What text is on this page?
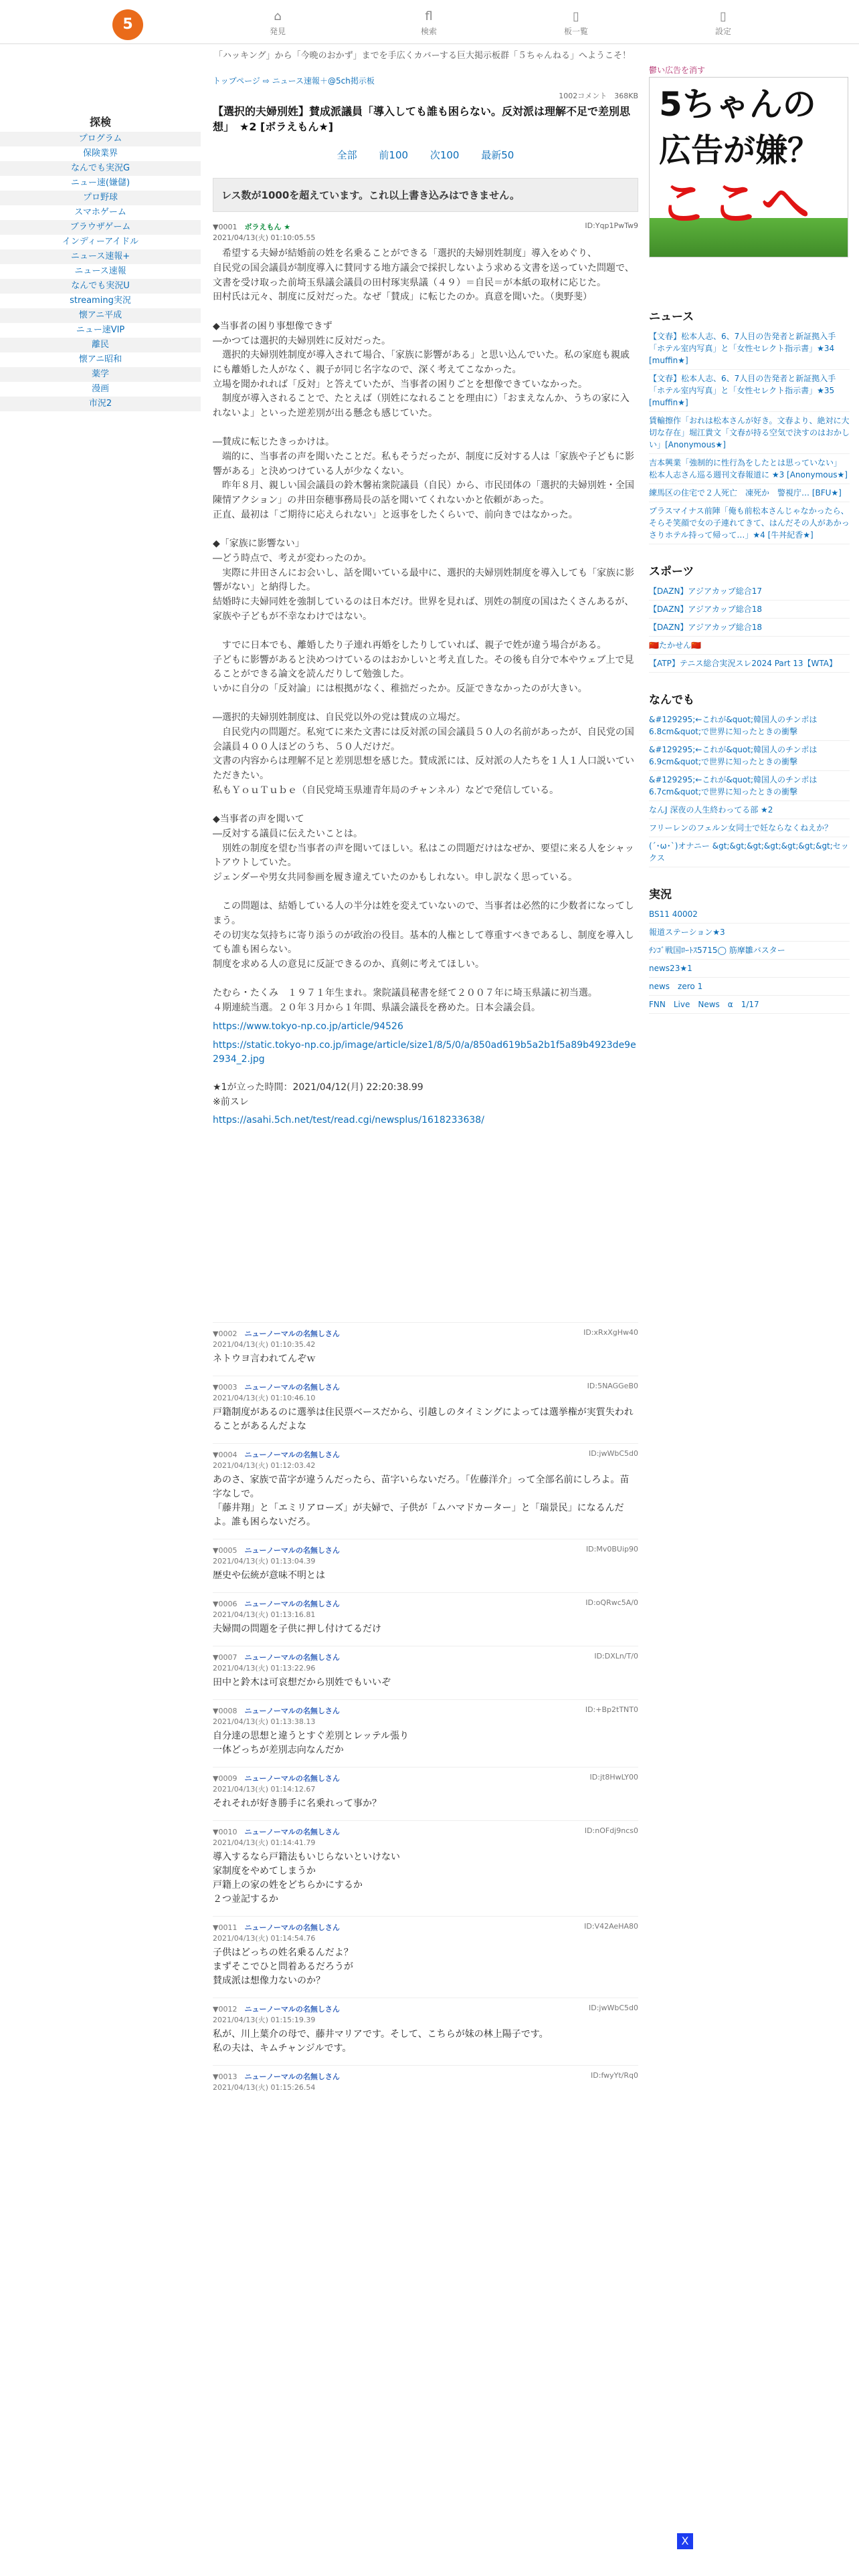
5	⌂
発見
fl
検索
▯
板一覧
▯
設定
「ハッキング」から「今晩のおかず」までを手広くカバーする巨大掲示板群「５ちゃんねる」へようこそ！
探検
プログラム
保険業界
なんでも実況G
ニュー速(嫌儲)
プロ野球
スマホゲーム
ブラウザゲーム
インディーアイドル
ニュース速報+
ニュース速報
なんでも実況U
streaming実況
懐アニ平成
ニュー速VIP
離民
懐アニ昭和
薬学
漫画
市況2
トップページ ⇨ ニュース速報＋@5ch掲示板
1002コメント　368KB
【選択的夫婦別姓】賛成派議員「導入しても誰も困らない。反対派は理解不足で差別思想」　★2 [ボラえもん★]
全部 前100 次100 最新50
レス数が1000を超えています。これ以上書き込みはできません。
▼0001　 ボラえもん ★
2021/04/13(火) 01:10:05.55
ID:Yqp1PwTw9
　希望する夫婦が結婚前の姓を名乗ることができる「選択的夫婦別姓制度」導入をめぐり、
自民党の国会議員が制度導入に賛同する地方議会で採択しないよう求める文書を送っていた問題で、
文書を受け取った前埼玉県議会議員の田村琢実県議（４９）＝自民＝が本紙の取材に応じた。
田村氏は元々、制度に反対だった。なぜ「賛成」に転じたのか。真意を聞いた。（奥野斐）

◆当事者の困り事想像できず
―かつては選択的夫婦別姓に反対だった。
　選択的夫婦別姓制度が導入されて場合、「家族に影響がある」と思い込んでいた。私の家庭も親戚にも離婚した人がなく、親子が同じ名字なので、深く考えてこなかった。
立場を聞かれれば「反対」と答えていたが、当事者の困りごとを想像できていなかった。
　制度が導入されることで、たとえば（別姓になれることを理由に）「おまえなんか、うちの家に入れないよ」といった逆差別が出る懸念も感じていた。

―賛成に転じたきっかけは。
　端的に、当事者の声を聞いたことだ。私もそうだったが、制度に反対する人は「家族や子どもに影響がある」と決めつけている人が少なくない。
　昨年８月、親しい国会議員の鈴木馨祐衆院議員（自民）から、市民団体の「選択的夫婦別姓・全国陳情アクション」の井田奈穂事務局長の話を聞いてくれないかと依頼があった。
正直、最初は「ご期待に応えられない」と返事をしたくらいで、前向きではなかった。

◆「家族に影響ない」
―どう時点で、考えが変わったのか。
　実際に井田さんにお会いし、話を聞いている最中に、選択的夫婦別姓制度を導入しても「家族に影響がない」と納得した。
結婚時に夫婦同姓を強制しているのは日本だけ。世界を見れば、別姓の制度の国はたくさんあるが、家族や子どもが不幸なわけではない。

　すでに日本でも、離婚したり子連れ再婚をしたりしていれば、親子で姓が違う場合がある。
子どもに影響があると決めつけているのはおかしいと考え直した。その後も自分で本やウェブ上で見ることができる論文を読んだりして勉強した。
いかに自分の「反対論」には根拠がなく、稚拙だったか。反証できなかったのが大きい。

―選択的夫婦別姓制度は、自民党以外の党は賛成の立場だ。
　自民党内の問題だ。私宛てに来た文書には反対派の国会議員５０人の名前があったが、自民党の国会議員４００人ほどのうち、５０人だけだ。
文書の内容からは理解不足と差別思想を感じた。賛成派には、反対派の人たちを１人１人口説いていただきたい。
私もＹｏｕＴｕｂｅ（自民党埼玉県連青年局のチャンネル）などで発信している。

◆当事者の声を聞いて
―反対する議員に伝えたいことは。
　別姓の制度を望む当事者の声を聞いてほしい。私はこの問題だけはなぜか、要望に来る人をシャットアウトしていた。
ジェンダーや男女共同参画を履き違えていたのかもしれない。申し訳なく思っている。

　この問題は、結婚している人の半分は姓を変えていないので、当事者は必然的に少数者になってしまう。
その切実な気持ちに寄り添うのが政治の役目。基本的人権として尊重すべきであるし、制度を導入しても誰も困らない。
制度を求める人の意見に反証できるのか、真剣に考えてほしい。

たむら・たくみ　１９７１年生まれ。衆院議員秘書を経て２００７年に埼玉県議に初当選。
４期連続当選。２０年３月から１年間、県議会議長を務めた。日本会議会員。
https://www.tokyo-np.co.jp/article/94526
https://static.tokyo-np.co.jp/image/article/size1/8/5/0/a/850ad619b5a2b1f5a89b4923de9e2934_2.jpg
★1が立った時間：2021/04/12(月) 22:20:38.99
※前スレ
https://asahi.5ch.net/test/read.cgi/newsplus/1618233638/
▼0002　 ニューノーマルの名無しさん
2021/04/13(火) 01:10:35.42
ID:xRxXgHw40
ネトウヨ言われてんぞｗ
▼0003　 ニューノーマルの名無しさん
2021/04/13(火) 01:10:46.10
ID:5NAGGeB0
戸籍制度があるのに選挙は住民票ベースだから、引越しのタイミングによっては選挙権が実質失われることがあるんだよな
▼0004　 ニューノーマルの名無しさん
2021/04/13(火) 01:12:03.42
ID:jwWbC5d0
あのさ、家族で苗字が違うんだったら、苗字いらないだろ。「佐藤洋介」って全部名前にしろよ。苗字なしで。
「藤井翔」と「エミリアローズ」が夫婦で、子供が「ムハマドカーター」と「瑞景民」になるんだよ。誰も困らないだろ。
▼0005　 ニューノーマルの名無しさん
2021/04/13(火) 01:13:04.39
ID:Mv0BUip90
歴史や伝統が意味不明とは
▼0006　 ニューノーマルの名無しさん
2021/04/13(火) 01:13:16.81
ID:oQRwc5A/0
夫婦間の問題を子供に押し付けてるだけ
▼0007　 ニューノーマルの名無しさん
2021/04/13(火) 01:13:22.96
ID:DXLn/T/0
田中と鈴木は可哀想だから別姓でもいいぞ
▼0008　 ニューノーマルの名無しさん
2021/04/13(火) 01:13:38.13
ID:+Bp2tTNT0
自分達の思想と違うとすぐ差別とレッテル張り
一体どっちが差別志向なんだか
▼0009　 ニューノーマルの名無しさん
2021/04/13(火) 01:14:12.67
ID:jt8HwLY00
それそれが好き勝手に名乗れって事か？
▼0010　 ニューノーマルの名無しさん
2021/04/13(火) 01:14:41.79
ID:nOFdj9ncs0
導入するなら戸籍法もいじらないといけない
家制度をやめてしまうか
戸籍上の家の姓をどちらかにするか
２つ並記するか
▼0011　 ニューノーマルの名無しさん
2021/04/13(火) 01:14:54.76
ID:V42AeHA80
子供はどっちの姓名乗るんだよ？
まずそこでひと問着あるだろうが
賛成派は想像力ないのか？
▼0012　 ニューノーマルの名無しさん
2021/04/13(火) 01:15:19.39
ID:jwWbC5d0
私が、川上葉介の母で、藤井マリアです。そして、こちらが妹の林上陽子です。
私の夫は、キムチャンジルです。
▼0013　 ニューノーマルの名無しさん
2021/04/13(火) 01:15:26.54
ID:fwyYt/Rq0
鬱い広告を消す
5ちゃんの
広告が嫌？
ここへ
ニュース
【文春】松本人志、6、7人目の告発者と新証拠入手「ホテル室内写真」と「女性セレクト指示書」★34 [muffin★]
【文春】松本人志、6、7人目の告発者と新証拠入手「ホテル室内写真」と「女性セレクト指示書」★35 [muffin★]
賃輸擦作「おれは松本さんが好き。文春より、絶対に大切な存在」堀江貴文「文春が持る空気で決すのはおかしい」[Anonymous★]
吉本興業「強制的に性行為をしたとは思っていない」　松本人志さん巡る週刊文春報道に ★3 [Anonymous★]
練馬区の住宅で２人死亡　凍死か　警視庁… [BFU★]
プラスマイナス前陣「俺も前松本さんじゃなかったら、そらそ笑顔で女の子連れてきて、はんだその人があかっさりホテル持って帰って…」★4 [牛丼紀香★]
スポーツ
【DAZN】アジアカップ総合17
【DAZN】アジアカップ総合18
【DAZN】アジアカップ総合18
🇨🇳たかせん🇨🇳
【ATP】テニス総合実況スレ2024 Part 13【WTA】
なんでも
&#129295;←これが&quot;韓国人のチンポは6.8cm&quot;で世界に知ったときの衝撃
&#129295;←これが&quot;韓国人のチンポは6.9cm&quot;で世界に知ったときの衝撃
&#129295;←これが&quot;韓国人のチンポは6.7cm&quot;で世界に知ったときの衝撃
なんJ 深夜の人生終わってる部 ★2
フリーレンのフェルン女同士で妊ならなくねえか？
(´･ω･`)オナニー &gt;&gt;&gt;&gt;&gt;&gt;&gt;セックス
実況
BS11 40002
報道ステーション★3
ﾁﾝｺﾞ戦国ﾛｰﾄｽ5715◯ 筋摩雛バスター
news23★1
news　zero 1
FNN　Live　News　α　1/17
X
